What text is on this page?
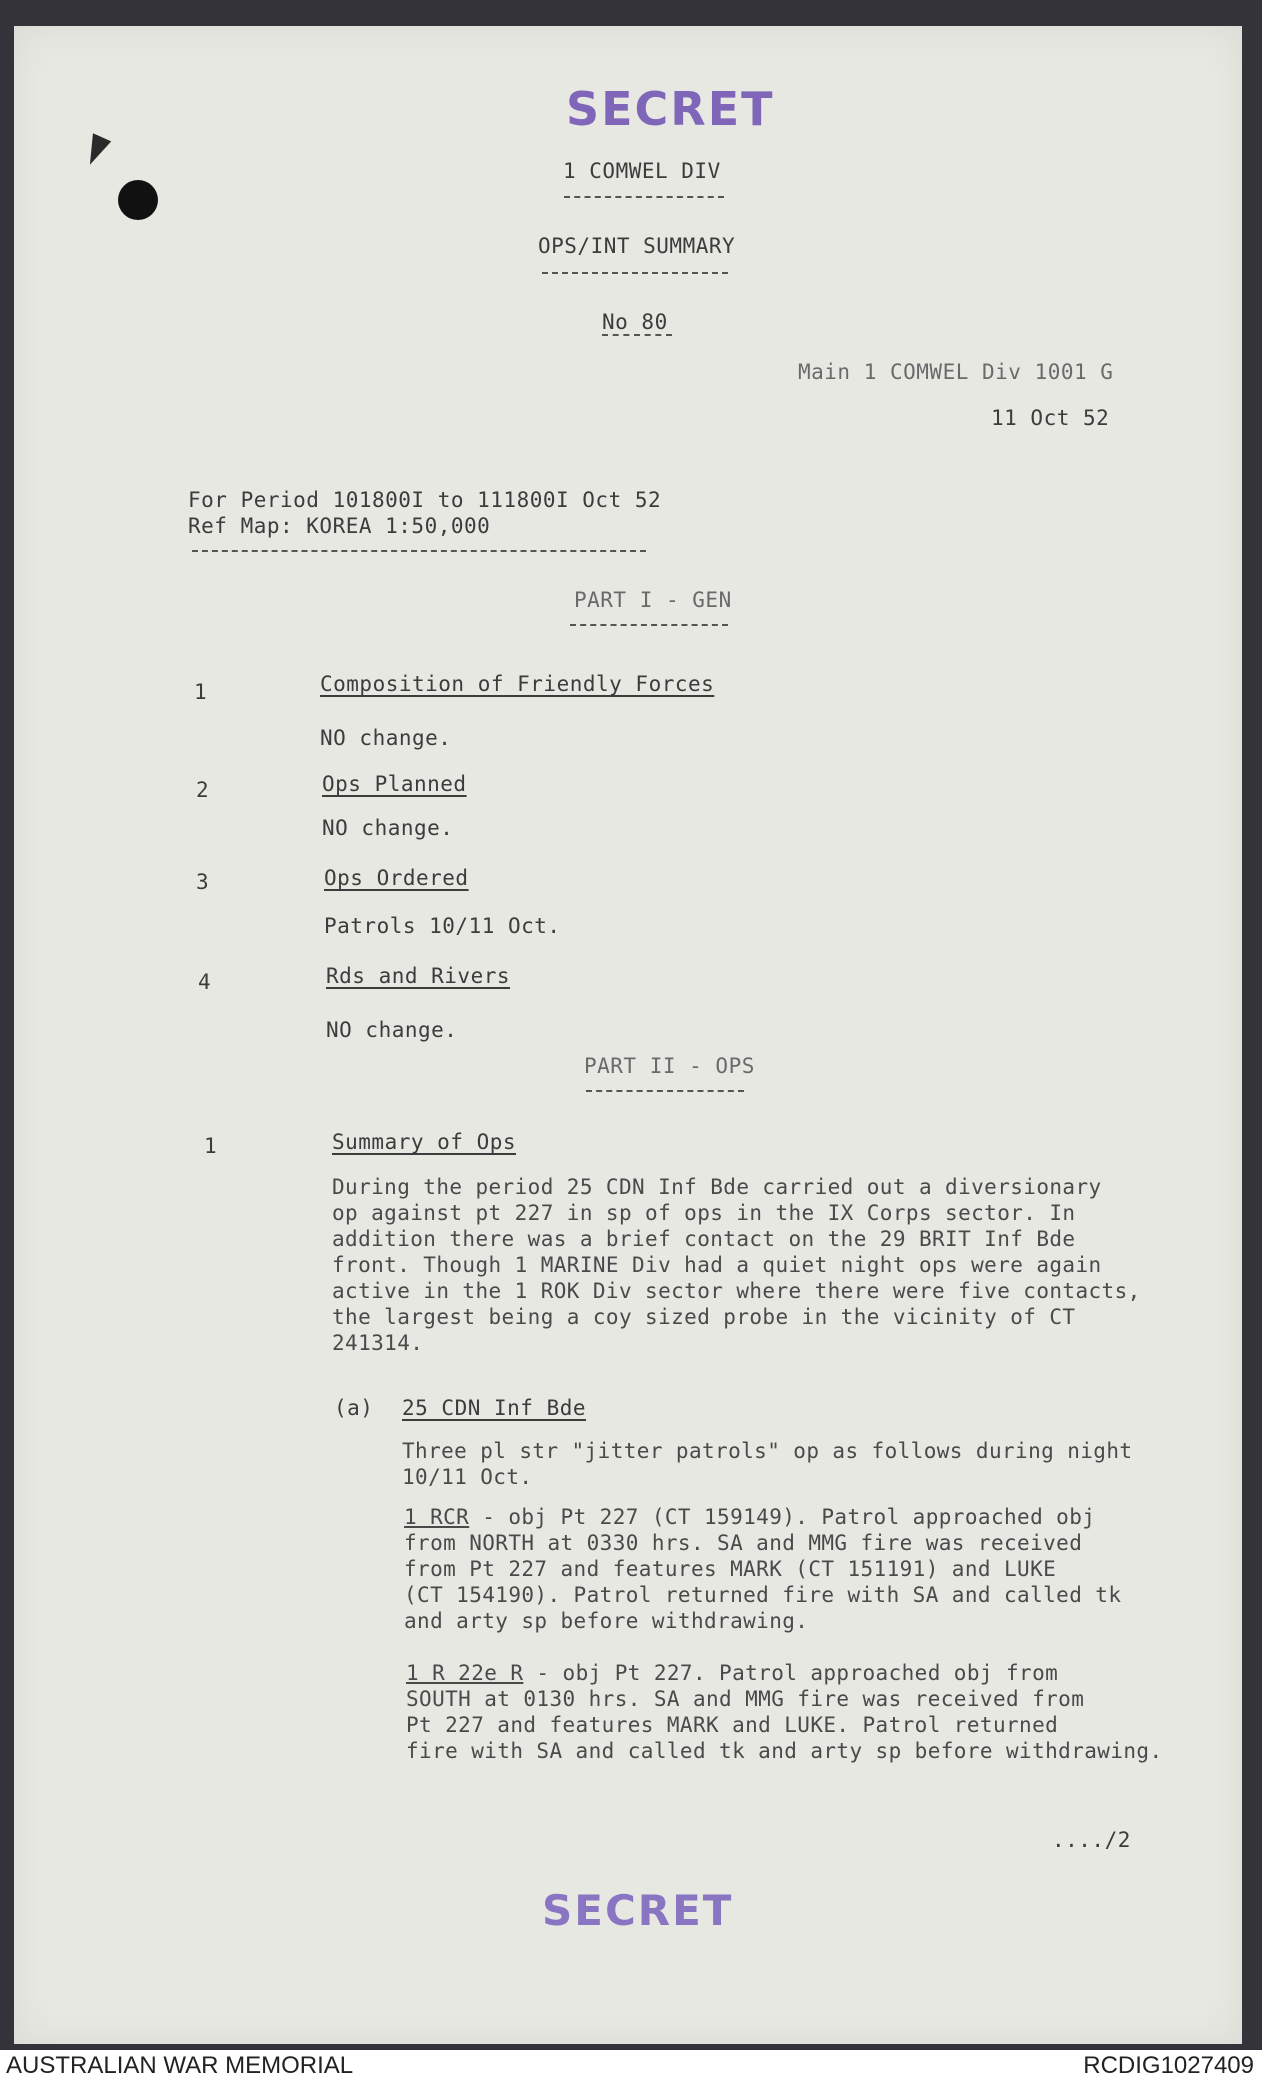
SECRET
1 COMWEL DIV
OPS/INT SUMMARY
No 80
Main 1 COMWEL Div 1001 G
11 Oct 52
For Period 101800I to 111800I Oct 52
Ref Map: KOREA 1:50,000
PART I - GEN
1	Composition of Friendly Forces
NO change.
2	Ops Planned
NO change.
3	Ops Ordered
Patrols 10/11 Oct.
4	Rds and Rivers
NO change.
PART II - OPS
1	Summary of Ops
During the period 25 CDN Inf Bde carried out a diversionary
op against pt 227 in sp of ops in the IX Corps sector. In
addition there was a brief contact on the 29 BRIT Inf Bde
front. Though 1 MARINE Div had a quiet night ops were again
active in the 1 ROK Div sector where there were five contacts,
the largest being a coy sized probe in the vicinity of CT
241314.
(a) 25 CDN Inf Bde
Three pl str "jitter patrols" op as follows during night
10/11 Oct.
1 RCR - obj Pt 227 (CT 159149). Patrol approached obj
from NORTH at 0330 hrs. SA and MMG fire was received
from Pt 227 and features MARK (CT 151191) and LUKE
(CT 154190). Patrol returned fire with SA and called tk
and arty sp before withdrawing.
1 R 22e R - obj Pt 227. Patrol approached obj from
SOUTH at 0130 hrs. SA and MMG fire was received from
Pt 227 and features MARK and LUKE. Patrol returned
fire with SA and called tk and arty sp before withdrawing.
..../2
SECRET
AUSTRALIAN WAR MEMORIAL	RCDIG1027409
